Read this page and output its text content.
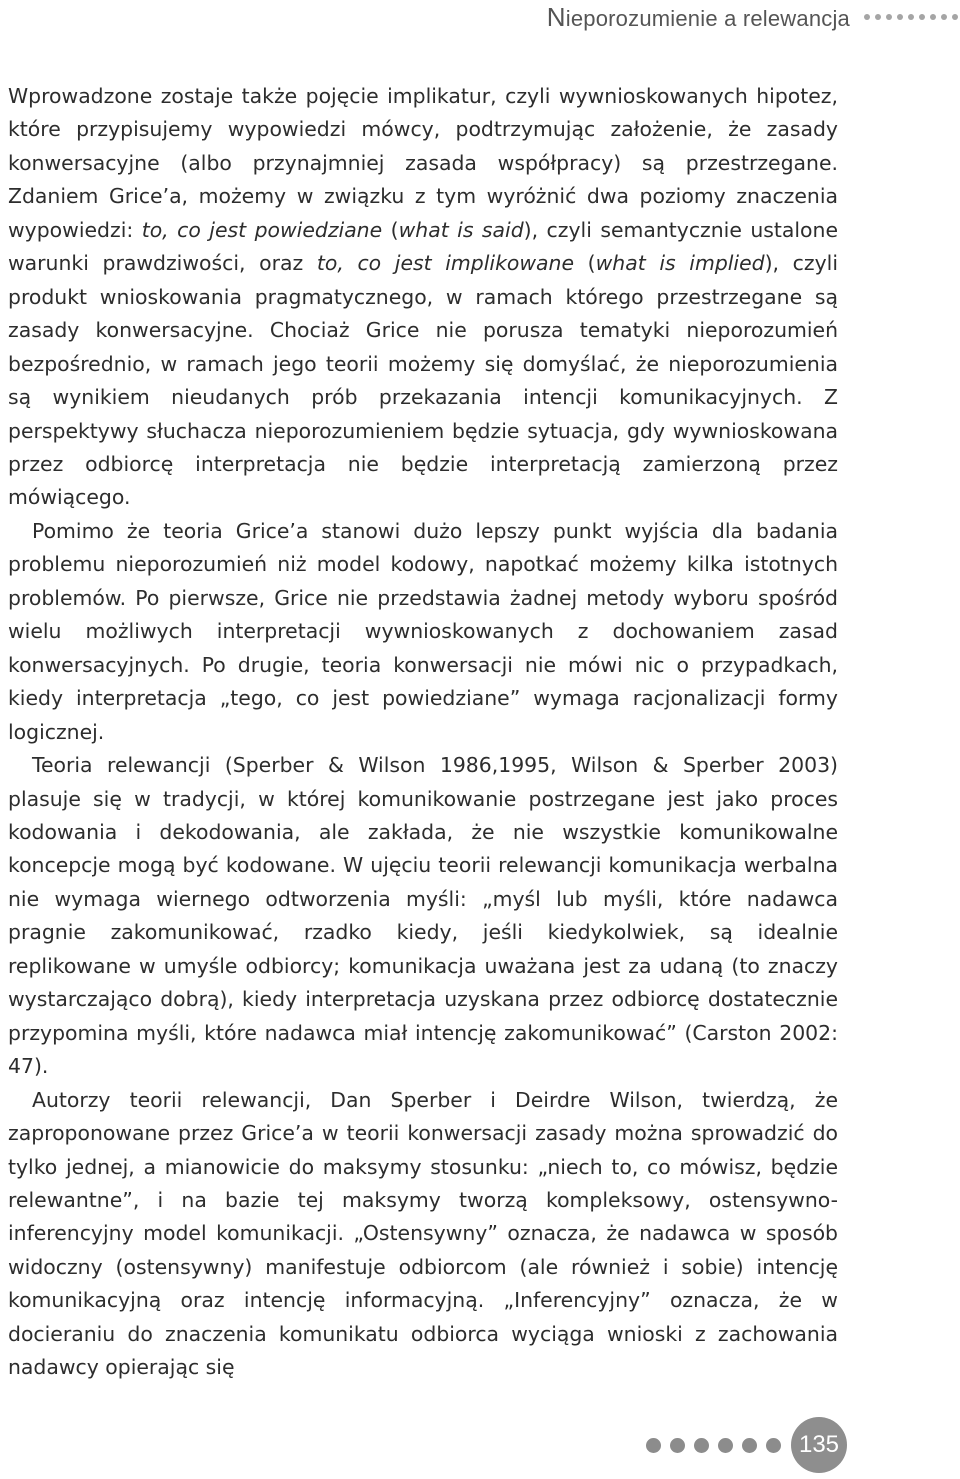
Nieporozumienie a relewancja

Wprowadzone zostaje także pojęcie implikatur, czyli wywnioskowanych hipotez, które przypisujemy wypowiedzi mówcy, podtrzymując założenie, że zasady konwersacyjne (albo przynajmniej zasada współpracy) są przestrzegane. Zdaniem Grice’a, możemy w związku z tym wyróżnić dwa poziomy znaczenia wypowiedzi: to, co jest powiedziane (what is said), czyli semantycznie ustalone warunki prawdziwości, oraz to, co jest implikowane (what is implied), czyli produkt wnioskowania pragmatycznego, w ramach którego przestrzegane są zasady konwersacyjne. Chociaż Grice nie porusza tematyki nieporozumień bezpośrednio, w ramach jego teorii możemy się domyślać, że nieporozumienia są wynikiem nieudanych prób przekazania intencji komunikacyjnych. Z perspektywy słuchacza nieporozumieniem będzie sytuacja, gdy wywnioskowana przez odbiorcę interpretacja nie będzie interpretacją zamierzoną przez mówiącego.

Pomimo że teoria Grice’a stanowi dużo lepszy punkt wyjścia dla badania problemu nieporozumień niż model kodowy, napotkać możemy kilka istotnych problemów. Po pierwsze, Grice nie przedstawia żadnej metody wyboru spośród wielu możliwych interpretacji wywnioskowanych z dochowaniem zasad konwersacyjnych. Po drugie, teoria konwersacji nie mówi nic o przypadkach, kiedy interpretacja „tego, co jest powiedziane” wymaga racjonalizacji formy logicznej.

Teoria relewancji (Sperber & Wilson 1986,1995, Wilson & Sperber 2003) plasuje się w tradycji, w której komunikowanie postrzegane jest jako proces kodowania i dekodowania, ale zakłada, że nie wszystkie komunikowalne koncepcje mogą być kodowane. W ujęciu teorii relewancji komunikacja werbalna nie wymaga wiernego odtworzenia myśli: „myśl lub myśli, które nadawca pragnie zakomunikować, rzadko kiedy, jeśli kiedykolwiek, są idealnie replikowane w umyśle odbiorcy; komunikacja uważana jest za udaną (to znaczy wystarczająco dobrą), kiedy interpretacja uzyskana przez odbiorcę dostatecznie przypomina myśli, które nadawca miał intencję zakomunikować” (Carston 2002: 47).

Autorzy teorii relewancji, Dan Sperber i Deirdre Wilson, twierdzą, że zaproponowane przez Grice’a w teorii konwersacji zasady można sprowadzić do tylko jednej, a mianowicie do maksymy stosunku: „niech to, co mówisz, będzie relewantne”, i na bazie tej maksymy tworzą kompleksowy, ostensywno-inferencyjny model komunikacji. „Ostensywny” oznacza, że nadawca w sposób widoczny (ostensywny) manifestuje odbiorcom (ale również i sobie) intencję komunikacyjną oraz intencję informacyjną. „Inferencyjny” oznacza, że w docieraniu do znaczenia komunikatu odbiorca wyciąga wnioski z zachowania nadawcy opierając się

135
